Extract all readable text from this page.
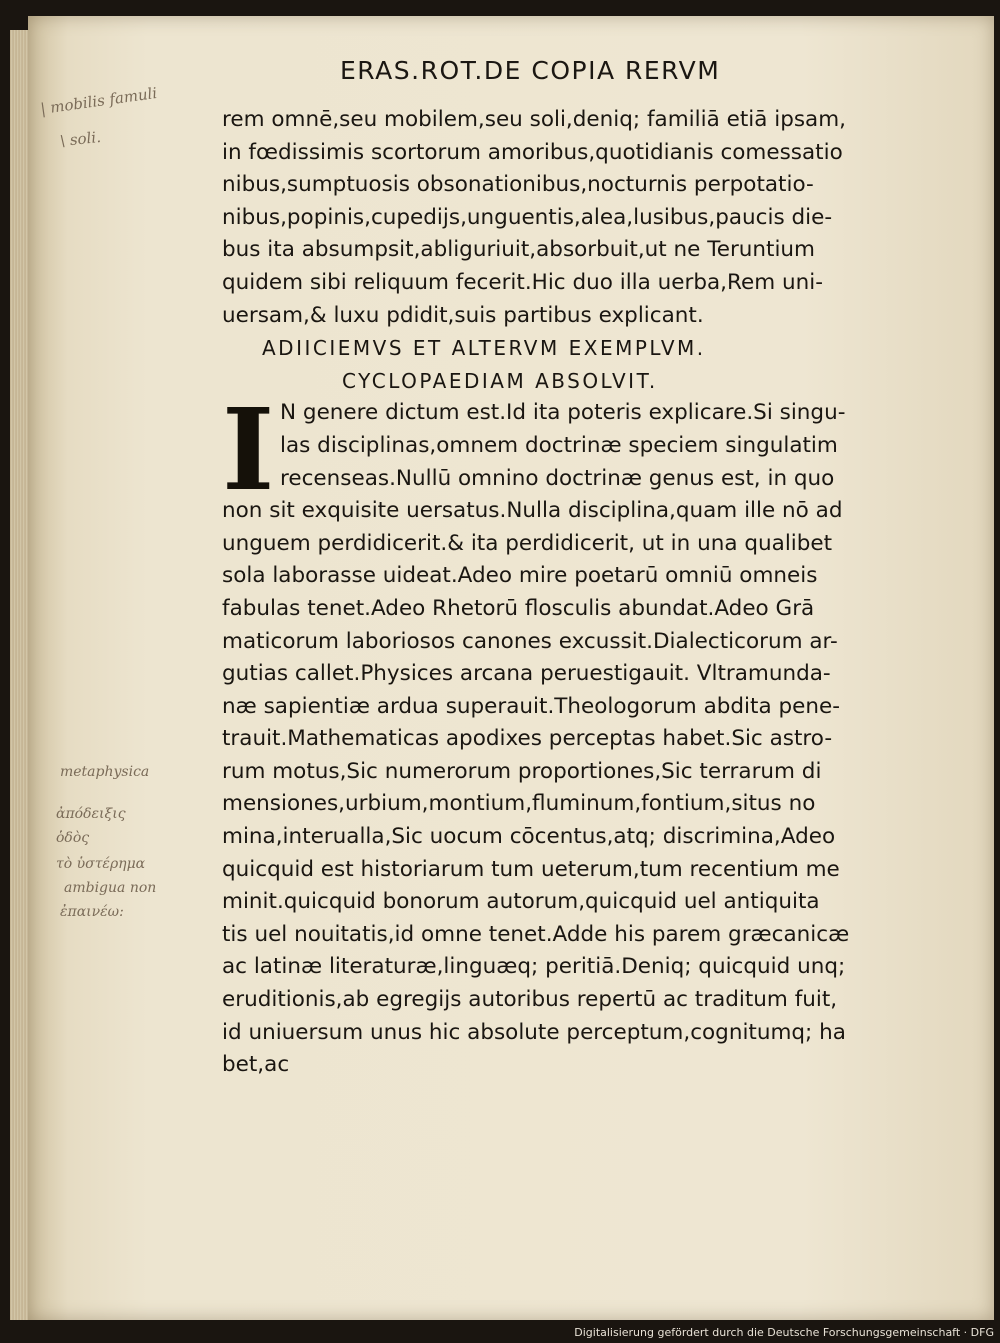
ERAS.ROT.DE COPIA RERVM
rem omnē,seu mobilem,seu soli,deniq; familiā etiā ipsam,
in fœdissimis scortorum amoribus,quotidianis comessatio
nibus,sumptuosis obsonationibus,nocturnis perpotatio-
nibus,popinis,cupedijs,unguentis,alea,lusibus,paucis die-
bus ita absumpsit,abliguriuit,absorbuit,ut ne Teruntium
quidem sibi reliquum fecerit.Hic duo illa uerba,Rem uni-
uersam,& luxu pdidit,suis partibus explicant.
ADIICIEMVS ET ALTERVM EXEMPLVM.
CYCLOPAEDIAM ABSOLVIT.
I N genere dictum est.Id ita poteris explicare.Si singu-
las disciplinas,omnem doctrinæ speciem singulatim
recenseas.Nullū omnino doctrinæ genus est, in quo
non sit exquisite uersatus.Nulla disciplina,quam ille nō ad
unguem perdidicerit.& ita perdidicerit, ut in una qualibet
sola laborasse uideat.Adeo mire poetarū omniū omneis
fabulas tenet.Adeo Rhetorū flosculis abundat.Adeo Grā
maticorum laboriosos canones excussit.Dialecticorum ar-
gutias callet.Physices arcana peruestigauit. Vltramunda-
næ sapientiæ ardua superauit.Theologorum abdita pene-
trauit.Mathematicas apodixes perceptas habet.Sic astro-
rum motus,Sic numerorum proportiones,Sic terrarum di
mensiones,urbium,montium,fluminum,fontium,situs no
mina,interualla,Sic uocum cōcentus,atq; discrimina,Adeo
quicquid est historiarum tum ueterum,tum recentium me
minit.quicquid bonorum autorum,quicquid uel antiquita
tis uel nouitatis,id omne tenet.Adde his parem græcanicæ
ac latinæ literaturæ,linguæq; peritiā.Deniq; quicquid unq;
eruditionis,ab egregijs autoribus repertū ac traditum fuit,
id uniuersum unus hic absolute perceptum,cognitumq; ha
bet,ac
| mobilis famuli
\ soli.
metaphysica
ἀπόδειξις
ὁδὸς
τὸ ὑστέρημα
ambigua non
ἐπαινέω:
Digitalisierung gefördert durch die Deutsche Forschungsgemeinschaft · DFG
